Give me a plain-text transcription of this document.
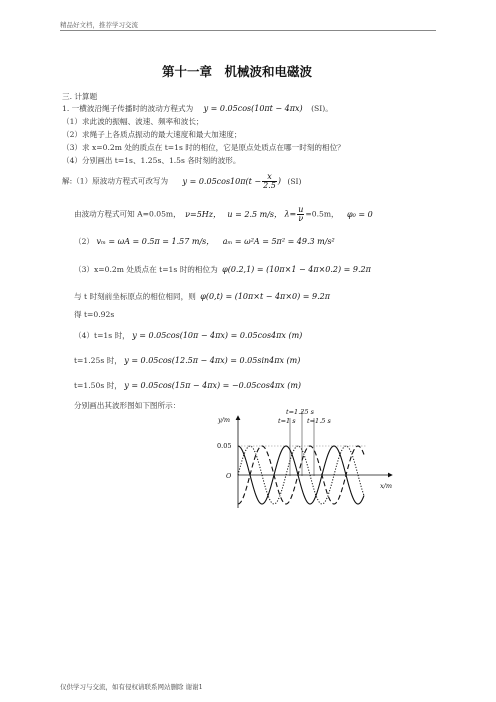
精品好文档，推荐学习交流
第十一章　机械波和电磁波
三. 计算题
1. 一横波沿绳子传播时的波动方程式为 y = 0.05cos(10πt − 4πx) (SI)。
（1）求此波的振幅、波速、频率和波长；
（2）求绳子上各质点振动的最大速度和最大加速度；
（3）求 x=0.2m 处的质点在 t=1s 时的相位，它是原点处质点在哪一时刻的相位？
（4）分别画出 t=1s、1.25s、1.5s 各时刻的波形。
解:（1）原波动方程式可改写为 $y = 0.05\cos 10\pi(t - \frac{x}{2.5}$ ) (SI)
由波动方程式可知 A=0.05m， ν=5Hz， u = 2.5 m/s， $\lambda= \frac{u}{\nu} =0.5m$， φ₀ = 0
（2） vₘ = ωA = 0.5π = 1.57 m/s， aₘ = ω²A = 5π² = 49.3 m/s²
（3）x=0.2m 处质点在 t=1s 时的相位为 φ(0.2,1) = (10π×1 − 4π×0.2) = 9.2π
与 t 时刻前坐标原点的相位相同，则 φ(0,t) = (10π×t − 4π×0) = 9.2π
得 t=0.92s
（4）t=1s 时， y = 0.05cos(10π − 4πx) = 0.05cos4πx (m)
t=1.25s 时， y = 0.05cos(12.5π − 4πx) = 0.05sin4πx (m)
t=1.50s 时， y = 0.05cos(15π − 4πx) = −0.05cos4πx (m)
分别画出其波形图如下图所示：
t=1.25 s
t=1 s t=1.5 s
y/m
x/m
0.05
O
仅供学习与交流，如有侵权请联系网站删除 谢谢1
